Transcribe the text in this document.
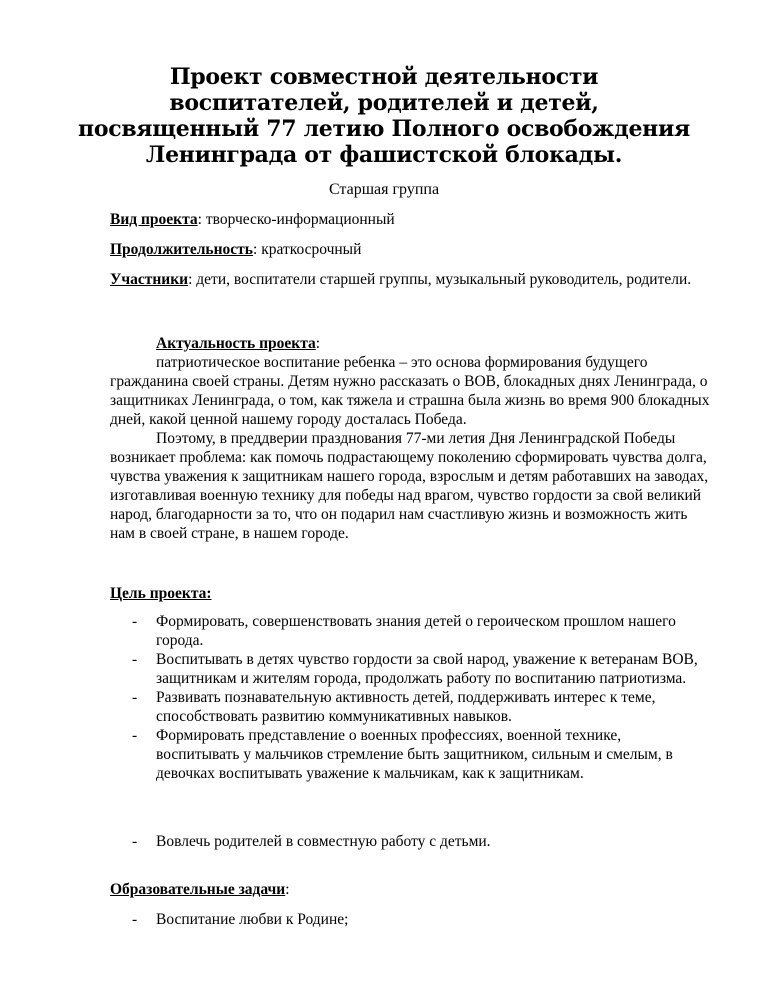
Проект совместной деятельности
воспитателей, родителей и детей,
посвященный 77 летию Полного освобождения
Ленинграда от фашистской блокады.
Старшая группа
Вид проекта: творческо-информационный
Продолжительность: краткосрочный
Участники: дети, воспитатели старшей группы, музыкальный руководитель, родители.
Актуальность проекта:
патриотическое воспитание ребенка – это основа формирования будущего гражданина своей страны. Детям нужно рассказать о ВОВ, блокадных днях Ленинграда, о защитниках Ленинграда, о том, как тяжела и страшна была жизнь во время 900 блокадных дней, какой ценной нашему городу досталась Победа.
Поэтому, в преддверии празднования 77-ми летия Дня Ленинградской Победы возникает проблема: как помочь подрастающему поколению сформировать чувства долга, чувства уважения к защитникам нашего города, взрослым и детям работавших на заводах, изготавливая военную технику для победы над врагом, чувство гордости за свой великий народ, благодарности за то, что он подарил нам счастливую жизнь и возможность жить нам в своей стране, в нашем городе.
Цель проекта:
- Формировать, совершенствовать знания детей о героическом прошлом нашего города.
- Воспитывать в детях чувство гордости за свой народ, уважение к ветеранам ВОВ, защитникам и жителям города, продолжать работу по воспитанию патриотизма.
- Развивать познавательную активность детей, поддерживать интерес к теме, способствовать развитию коммуникативных навыков.
- Формировать представление о военных профессиях, военной технике, воспитывать у мальчиков стремление быть защитником, сильным и смелым, в девочках воспитывать уважение к мальчикам, как к защитникам.
- Вовлечь родителей в совместную работу с детьми.
Образовательные задачи:
- Воспитание любви к Родине;
